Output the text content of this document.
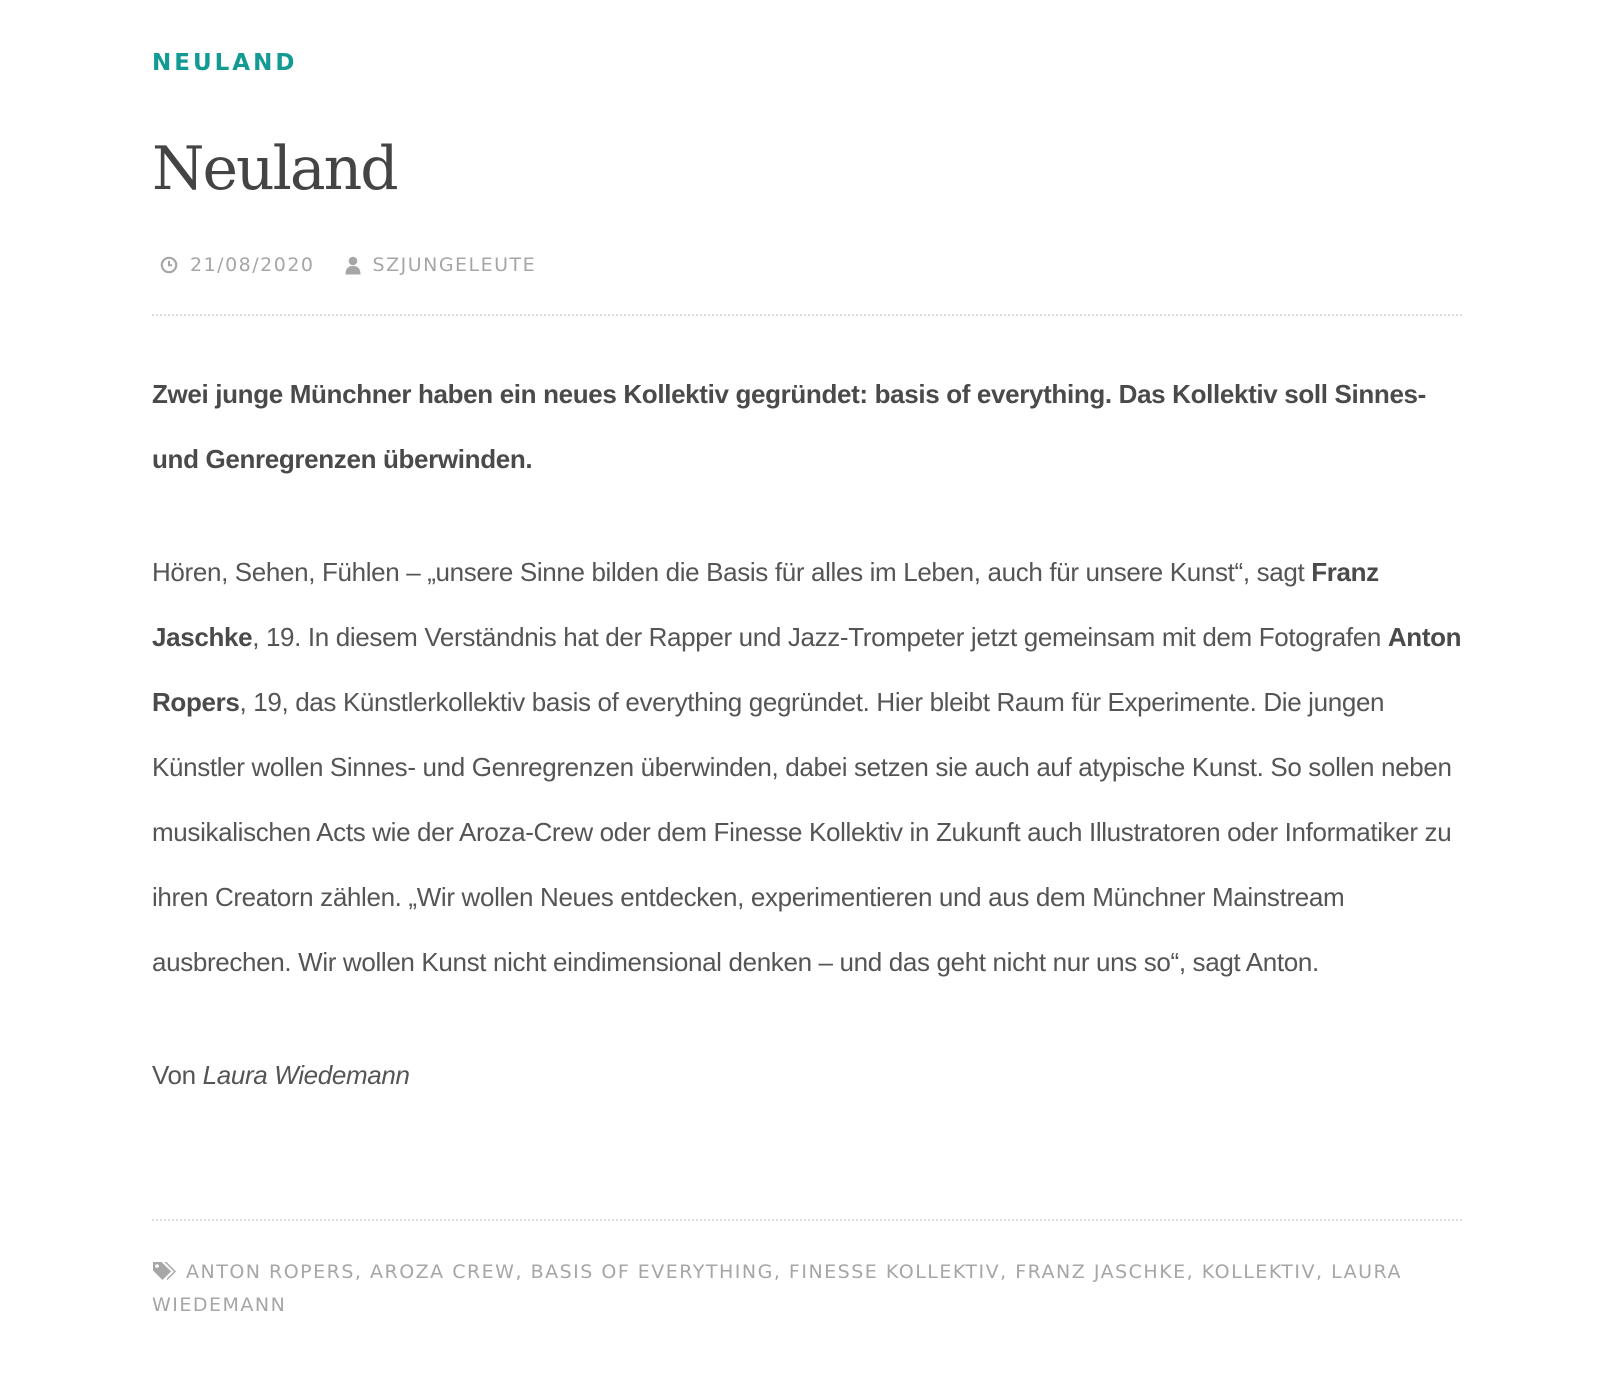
NEULAND
Neuland
21/08/2020	SZJUNGELEUTE

Zwei junge Münchner haben ein neues Kollektiv gegründet: basis of everything. Das Kollektiv soll Sinnes- und Genregrenzen überwinden.

Hören, Sehen, Fühlen – „unsere Sinne bilden die Basis für alles im Leben, auch für unsere Kunst“, sagt Franz Jaschke, 19. In diesem Verständnis hat der Rapper und Jazz-Trompeter jetzt gemeinsam mit dem Fotografen Anton Ropers, 19, das Künstlerkollektiv basis of everything gegründet. Hier bleibt Raum für Experimente. Die jungen Künstler wollen Sinnes- und Genregrenzen überwinden, dabei setzen sie auch auf atypische Kunst. So sollen neben musikalischen Acts wie der Aroza-Crew oder dem Finesse Kollektiv in Zukunft auch Illustratoren oder Informatiker zu ihren Creatorn zählen. „Wir wollen Neues entdecken, experimentieren und aus dem Münchner Mainstream ausbrechen. Wir wollen Kunst nicht eindimensional denken – und das geht nicht nur uns so“, sagt Anton.

Von Laura Wiedemann

ANTON ROPERS, AROZA CREW, BASIS OF EVERYTHING, FINESSE KOLLEKTIV, FRANZ JASCHKE, KOLLEKTIV, LAURA WIEDEMANN
